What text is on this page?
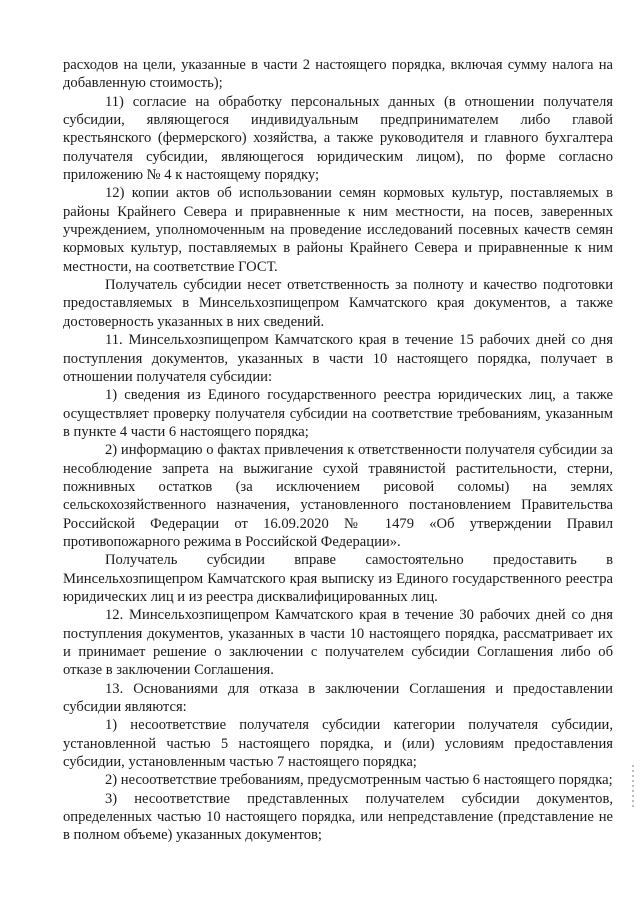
расходов на цели, указанные в части 2 настоящего порядка, включая сумму налога на добавленную стоимость);

11) согласие на обработку персональных данных (в отношении получателя субсидии, являющегося индивидуальным предпринимателем либо главой крестьянского (фермерского) хозяйства, а также руководителя и главного бухгалтера получателя субсидии, являющегося юридическим лицом), по форме согласно приложению № 4 к настоящему порядку;

12) копии актов об использовании семян кормовых культур, поставляемых в районы Крайнего Севера и приравненные к ним местности, на посев, заверенных учреждением, уполномоченным на проведение исследований посевных качеств семян кормовых культур, поставляемых в районы Крайнего Севера и приравненные к ним местности, на соответствие ГОСТ.

Получатель субсидии несет ответственность за полноту и качество подготовки предоставляемых в Минсельхозпищепром Камчатского края документов, а также достоверность указанных в них сведений.

11. Минсельхозпищепром Камчатского края в течение 15 рабочих дней со дня поступления документов, указанных в части 10 настоящего порядка, получает в отношении получателя субсидии:

1) сведения из Единого государственного реестра юридических лиц, а также осуществляет проверку получателя субсидии на соответствие требованиям, указанным в пункте 4 части 6 настоящего порядка;

2) информацию о фактах привлечения к ответственности получателя субсидии за несоблюдение запрета на выжигание сухой травянистой растительности, стерни, пожнивных остатков (за исключением рисовой соломы) на землях сельскохозяйственного назначения, установленного постановлением Правительства Российской Федерации от 16.09.2020 № 1479 «Об утверждении Правил противопожарного режима в Российской Федерации».

Получатель субсидии вправе самостоятельно предоставить в Минсельхозпищепром Камчатского края выписку из Единого государственного реестра юридических лиц и из реестра дисквалифицированных лиц.

12. Минсельхозпищепром Камчатского края в течение 30 рабочих дней со дня поступления документов, указанных в части 10 настоящего порядка, рассматривает их и принимает решение о заключении с получателем субсидии Соглашения либо об отказе в заключении Соглашения.

13. Основаниями для отказа в заключении Соглашения и предоставлении субсидии являются:

1) несоответствие получателя субсидии категории получателя субсидии, установленной частью 5 настоящего порядка, и (или) условиям предоставления субсидии, установленным частью 7 настоящего порядка;

2) несоответствие требованиям, предусмотренным частью 6 настоящего порядка;

3) несоответствие представленных получателем субсидии документов, определенных частью 10 настоящего порядка, или непредставление (представление не в полном объеме) указанных документов;
